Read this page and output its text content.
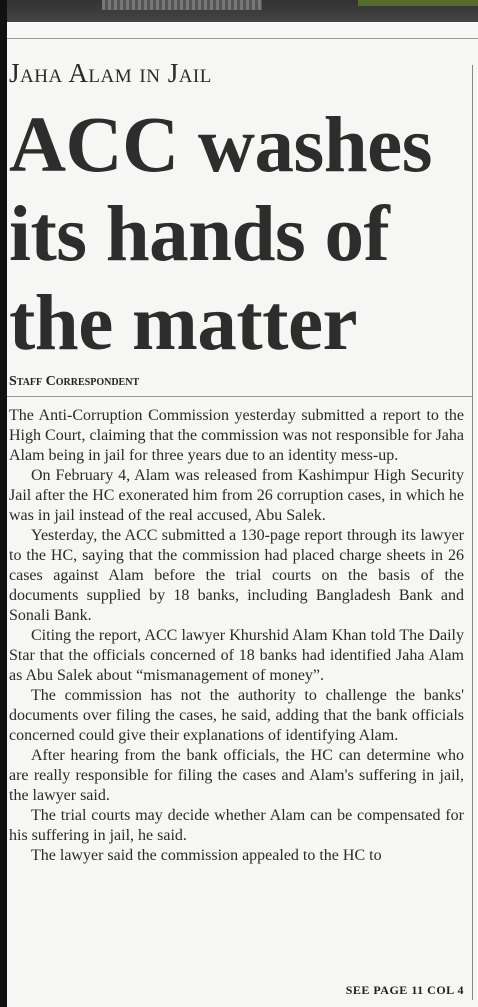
Jaha Alam in Jail
ACC washes its hands of the matter
Staff Correspondent

The Anti-Corruption Commission yesterday submitted a report to the High Court, claiming that the commission was not responsible for Jaha Alam being in jail for three years due to an identity mess-up.

On February 4, Alam was released from Kashimpur High Security Jail after the HC exonerated him from 26 corruption cases, in which he was in jail instead of the real accused, Abu Salek.

Yesterday, the ACC submitted a 130-page report through its lawyer to the HC, saying that the commission had placed charge sheets in 26 cases against Alam before the trial courts on the basis of the documents supplied by 18 banks, including Bangladesh Bank and Sonali Bank.

Citing the report, ACC lawyer Khurshid Alam Khan told The Daily Star that the officials concerned of 18 banks had identified Jaha Alam as Abu Salek about “mismanagement of money”.

The commission has not the authority to challenge the banks' documents over filing the cases, he said, adding that the bank officials concerned could give their explanations of identifying Alam.

After hearing from the bank officials, the HC can determine who are really responsible for filing the cases and Alam's suffering in jail, the lawyer said.

The trial courts may decide whether Alam can be compensated for his suffering in jail, he said.

The lawyer said the commission appealed to the HC to

SEE PAGE 11 COL 4
